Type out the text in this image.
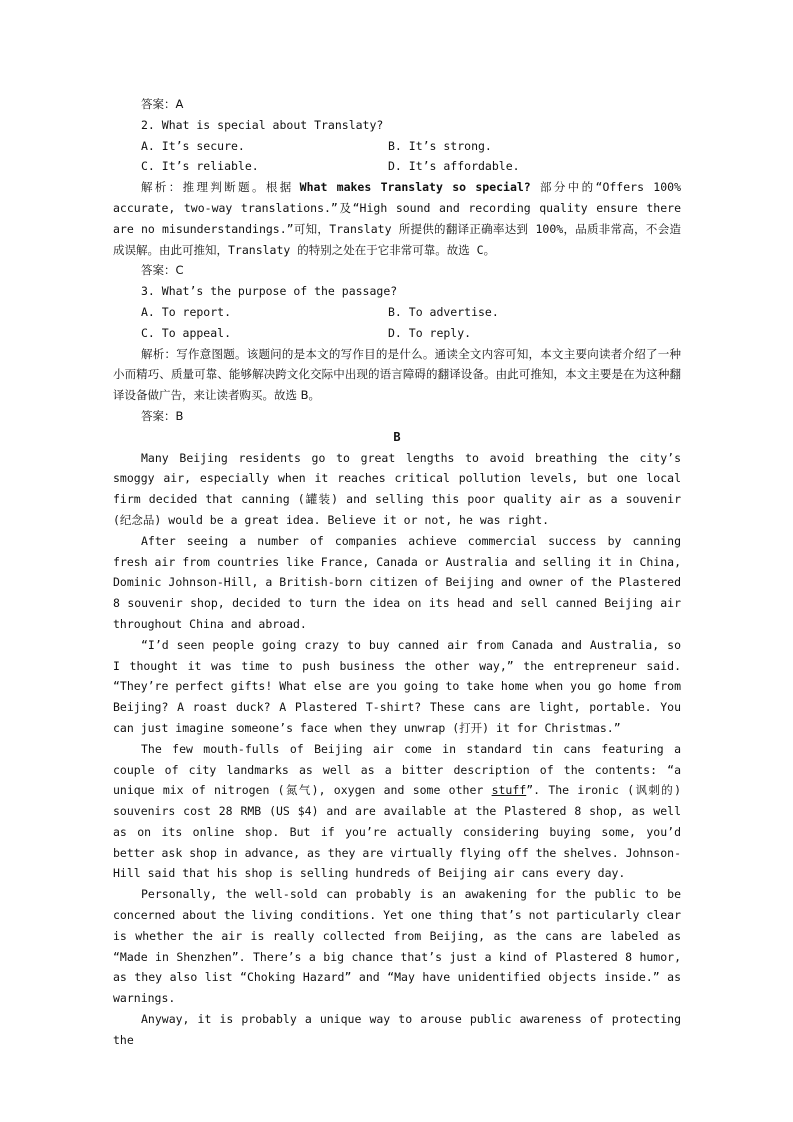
答案：A
2. What is special about Translaty?
A. It’s secure.	B. It’s strong.
C. It’s reliable.	D. It’s affordable.

解析：推理判断题。根据 What makes Translaty so special? 部分中的“Offers 100% accurate, two-way translations.”及“High sound and recording quality ensure there are no misunderstandings.”可知，Translaty 所提供的翻译正确率达到 100%，品质非常高，不会造成误解。由此可推知，Translaty 的特别之处在于它非常可靠。故选 C。

答案：C
3. What’s the purpose of the passage?
A. To report.	B. To advertise.
C. To appeal.	D. To reply.

解析：写作意图题。该题问的是本文的写作目的是什么。通读全文内容可知，本文主要向读者介绍了一种小而精巧、质量可靠、能够解决跨文化交际中出现的语言障碍的翻译设备。由此可推知，本文主要是在为这种翻译设备做广告，来让读者购买。故选 B。

答案：B
B

Many Beijing residents go to great lengths to avoid breathing the city’s smoggy air, especially when it reaches critical pollution levels, but one local firm decided that canning (罐装) and selling this poor quality air as a souvenir (纪念品) would be a great idea. Believe it or not, he was right.

After seeing a number of companies achieve commercial success by canning fresh air from countries like France, Canada or Australia and selling it in China, Dominic Johnson-Hill, a British-born citizen of Beijing and owner of the Plastered 8 souvenir shop, decided to turn the idea on its head and sell canned Beijing air throughout China and abroad.

“I’d seen people going crazy to buy canned air from Canada and Australia, so I thought it was time to push business the other way,” the entrepreneur said. “They’re perfect gifts! What else are you going to take home when you go home from Beijing? A roast duck? A Plastered T-shirt? These cans are light, portable. You can just imagine someone’s face when they unwrap (打开) it for Christmas.”

The few mouth-fulls of Beijing air come in standard tin cans featuring a couple of city landmarks as well as a bitter description of the contents: “a unique mix of nitrogen (氮气), oxygen and some other stuff”. The ironic (讽刺的) souvenirs cost 28 RMB (US $4) and are available at the Plastered 8 shop, as well as on its online shop. But if you’re actually considering buying some, you’d better ask shop in advance, as they are virtually flying off the shelves. Johnson-Hill said that his shop is selling hundreds of Beijing air cans every day.

Personally, the well-sold can probably is an awakening for the public to be concerned about the living conditions. Yet one thing that’s not particularly clear is whether the air is really collected from Beijing, as the cans are labeled as “Made in Shenzhen”. There’s a big chance that’s just a kind of Plastered 8 humor, as they also list “Choking Hazard” and “May have unidentified objects inside.” as warnings.

Anyway, it is probably a unique way to arouse public awareness of protecting the
